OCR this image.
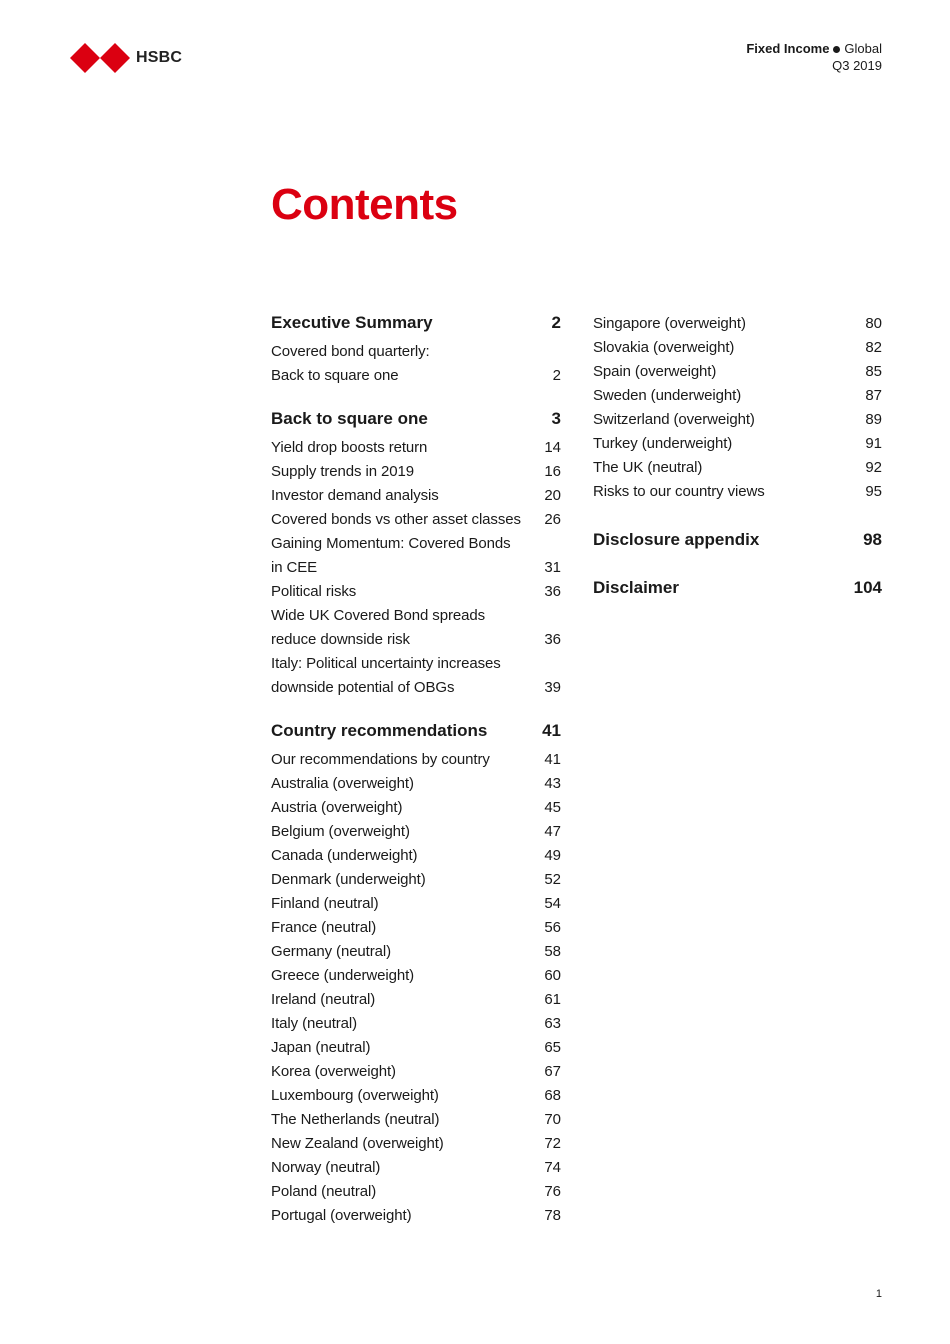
HSBC
Fixed Income Global
Q3 2019
Contents
Executive Summary	2
Covered bond quarterly:
Back to square one	2
Back to square one	3
Yield drop boosts return	14
Supply trends in 2019	16
Investor demand analysis	20
Covered bonds vs other asset classes 26
Gaining Momentum: Covered Bonds
in CEE	31
Political risks	36
Wide UK Covered Bond spreads
reduce downside risk	36
Italy: Political uncertainty increases
downside potential of OBGs	39
Country recommendations	41
Our recommendations by country	41
Australia (overweight)	43
Austria (overweight)	45
Belgium (overweight)	47
Canada (underweight)	49
Denmark (underweight)	52
Finland (neutral)	54
France (neutral)	56
Germany (neutral)	58
Greece (underweight)	60
Ireland (neutral)	61
Italy (neutral)	63
Japan (neutral)	65
Korea (overweight)	67
Luxembourg (overweight)	68
The Netherlands (neutral)	70
New Zealand (overweight)	72
Norway (neutral)	74
Poland (neutral)	76
Portugal (overweight)	78
Singapore (overweight)	80
Slovakia (overweight)	82
Spain (overweight)	85
Sweden (underweight)	87
Switzerland (overweight)	89
Turkey (underweight)	91
The UK (neutral)	92
Risks to our country views	95
Disclosure appendix	98
Disclaimer	104
1
